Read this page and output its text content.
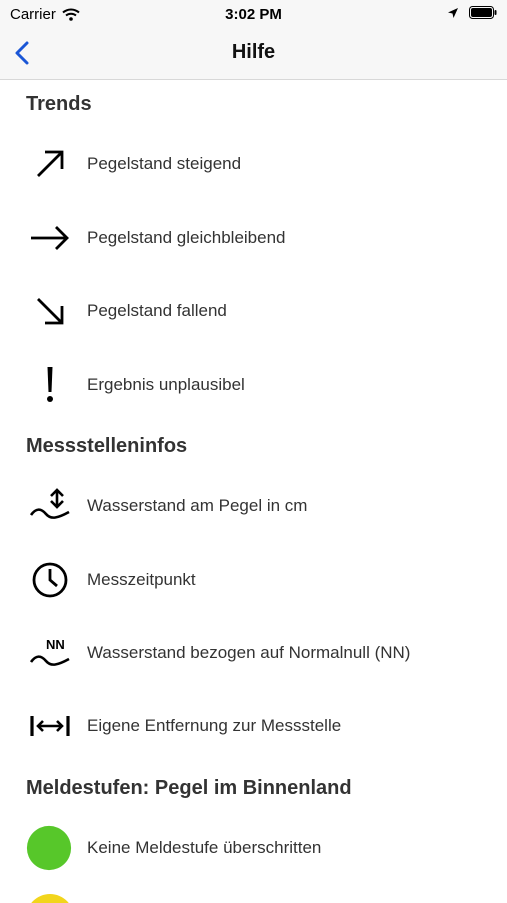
Carrier	3:02 PM
Hilfe
Trends
Pegelstand steigend
Pegelstand gleichbleibend
Pegelstand fallend
Ergebnis unplausibel
Messstelleninfos
Wasserstand am Pegel in cm
Messzeitpunkt
NN Wasserstand bezogen auf Normalnull (NN)
Eigene Entfernung zur Messstelle
Meldestufen: Pegel im Binnenland
Keine Meldestufe überschritten
